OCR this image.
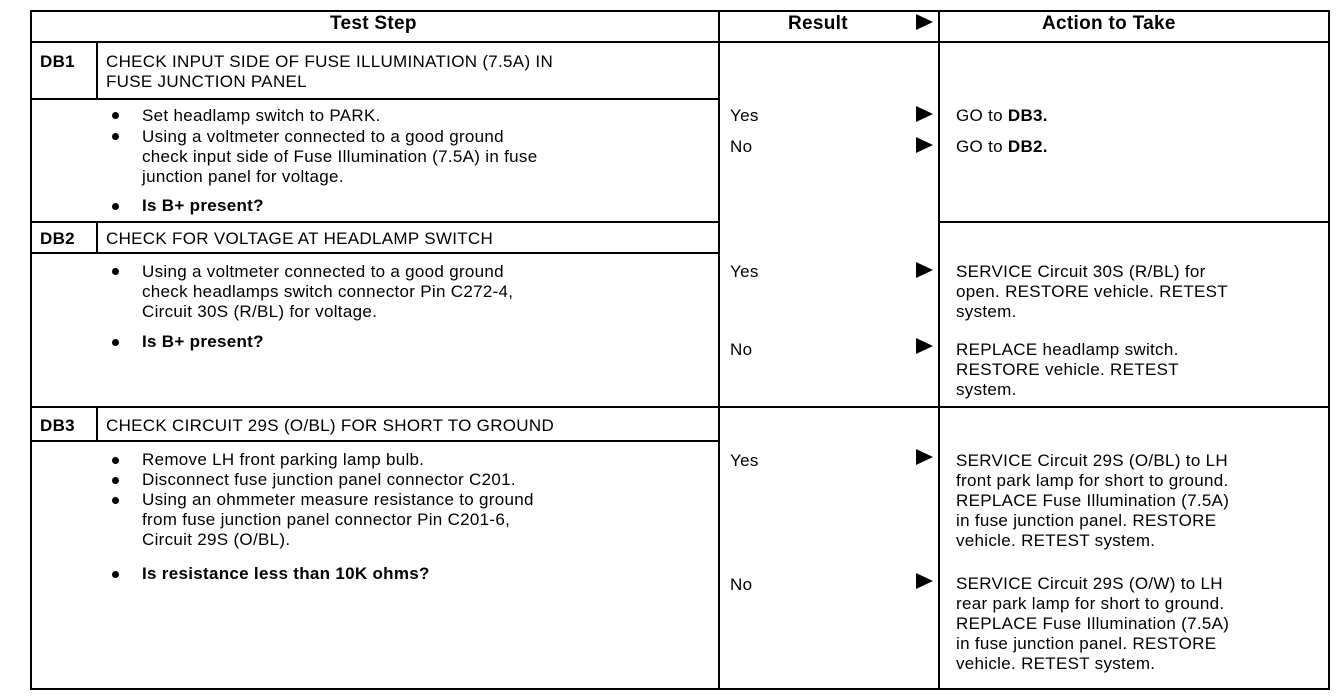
Test Step	Result	Action to Take
DB1 CHECK INPUT SIDE OF FUSE ILLUMINATION (7.5A) IN
FUSE JUNCTION PANEL
Set headlamp switch to PARK.
Using a voltmeter connected to a good ground
check input side of Fuse Illumination (7.5A) in fuse
junction panel for voltage.
Is B+ present?
Yes	GO to DB3.
No	GO to DB2.
DB2 CHECK FOR VOLTAGE AT HEADLAMP SWITCH
Using a voltmeter connected to a good ground
check headlamps switch connector Pin C272-4,
Circuit 30S (R/BL) for voltage.
Is B+ present?
Yes	SERVICE Circuit 30S (R/BL) for
open. RESTORE vehicle. RETEST
system.
No	REPLACE headlamp switch.
RESTORE vehicle. RETEST
system.
DB3 CHECK CIRCUIT 29S (O/BL) FOR SHORT TO GROUND
Remove LH front parking lamp bulb.
Disconnect fuse junction panel connector C201.
Using an ohmmeter measure resistance to ground
from fuse junction panel connector Pin C201-6,
Circuit 29S (O/BL).
Is resistance less than 10K ohms?
Yes	SERVICE Circuit 29S (O/BL) to LH
front park lamp for short to ground.
REPLACE Fuse Illumination (7.5A)
in fuse junction panel. RESTORE
vehicle. RETEST system.
No	SERVICE Circuit 29S (O/W) to LH
rear park lamp for short to ground.
REPLACE Fuse Illumination (7.5A)
in fuse junction panel. RESTORE
vehicle. RETEST system.
